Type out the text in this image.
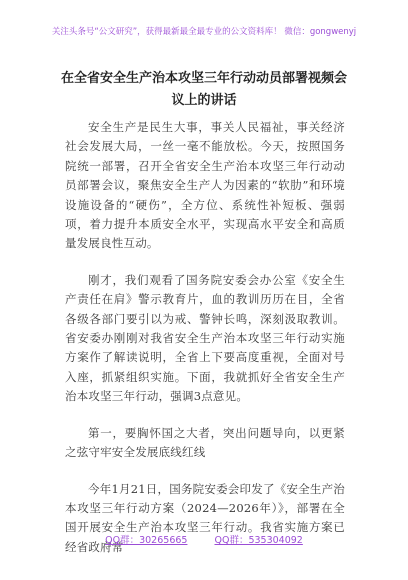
关注头条号“公文研究”，获得最新最全最专业的公文资料库！ 微信：gongwenyj
在全省安全生产治本攻坚三年行动动员部署视频会议上的讲话

安全生产是民生大事，事关人民福祉，事关经济社会发展大局，一丝一毫不能放松。今天，按照国务院统一部署，召开全省安全生产治本攻坚三年行动动员部署会议，聚焦安全生产人为因素的“软肋”和环境设施设备的“硬伤”，全方位、系统性补短板、强弱项，着力提升本质安全水平，实现高水平安全和高质量发展良性互动。

刚才，我们观看了国务院安委会办公室《安全生产责任在肩》警示教育片，血的教训历历在目，全省各级各部门要引以为戒、警钟长鸣，深刻汲取教训。省安委办刚刚对我省安全生产治本攻坚三年行动实施方案作了解读说明，全省上下要高度重视，全面对号入座，抓紧组织实施。下面，我就抓好全省安全生产治本攻坚三年行动，强调3点意见。

第一，要胸怀国之大者，突出问题导向，以更紧之弦守牢安全发展底线红线

今年1月21日，国务院安委会印发了《安全生产治本攻坚三年行动方案（2024—2026年）》，部署在全国开展安全生产治本攻坚三年行动。我省实施方案已经省政府常

QQ群：30265665	QQ群：535304092
